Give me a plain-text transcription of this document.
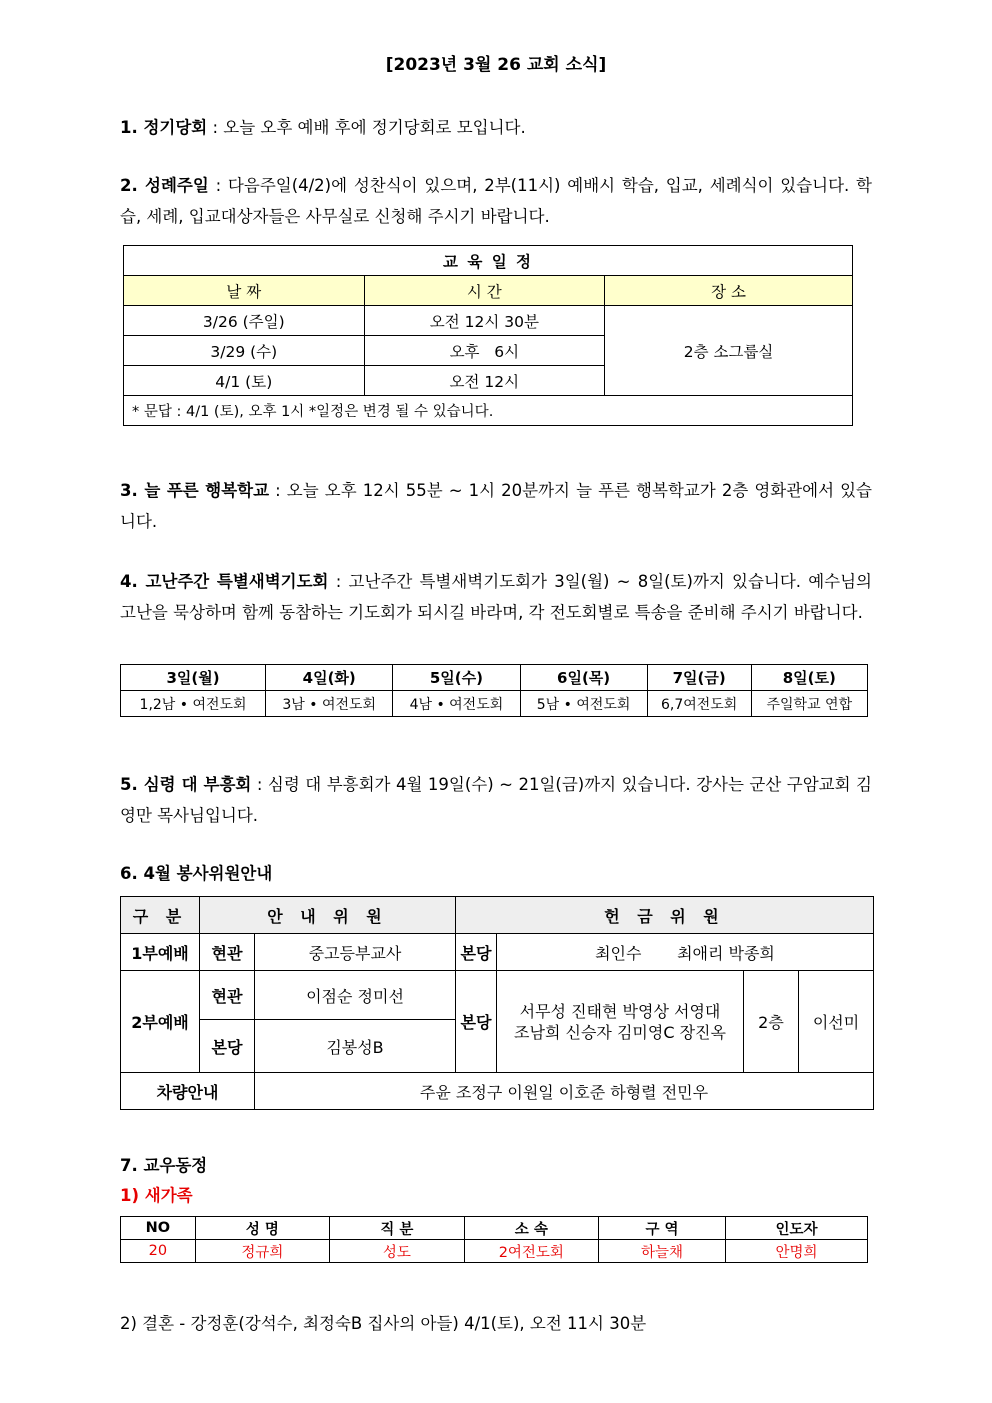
[2023년 3월 26 교회 소식]
1. 정기당회 : 오늘 오후 예배 후에 정기당회로 모입니다.
2. 성례주일 : 다음주일(4/2)에 성찬식이 있으며, 2부(11시) 예배시 학습, 입교, 세례식이 있습니다. 학습, 세례, 입교대상자들은 사무실로 신청해 주시기 바랍니다.
교 육 일 정		
날 짜	시 간	장 소
3/26 (주일)	오전 12시 30분	2층 소그룹실
3/29 (수)	오후   6시	
4/1 (토)	오전 12시	
* 문답 : 4/1 (토), 오후 1시 *일정은 변경 될 수 있습니다.		
3. 늘 푸른 행복학교 : 오늘 오후 12시 55분 ~ 1시 20분까지 늘 푸른 행복학교가 2층 영화관에서 있습니다.
4. 고난주간 특별새벽기도회 : 고난주간 특별새벽기도회가 3일(월) ~ 8일(토)까지 있습니다. 예수님의 고난을 묵상하며 함께 동참하는 기도회가 되시길 바라며, 각 전도회별로 특송을 준비해 주시기 바랍니다.
3일(월)	4일(화)	5일(수)	6일(목)	7일(금)	8일(토)
1,2남 • 여전도회	3남 • 여전도회	4남 • 여전도회	5남 • 여전도회	6,7여전도회	주일학교 연합
5. 심령 대 부흥회 : 심령 대 부흥회가 4월 19일(수) ~ 21일(금)까지 있습니다. 강사는 군산 구암교회 김영만 목사님입니다.
6. 4월 봉사위원안내
구 분	안 내 위 원		헌 금 위 원			
1부예배	현관	중고등부교사	본당	최인수       최애리 박종희		
2부예배	현관	이점순 정미선	본당	서무성 진태현 박영상 서영대
조남희 신승자 김미영C 장진옥	2층	이선미
	본당	김봉성B				
차량안내		주윤 조정구 이원일 이호준 하형렬 전민우				
7. 교우동정
1) 새가족
NO	성 명	직 분	소 속	구 역	인도자
20	정규희	성도	2여전도회	하늘채	안명희
2) 결혼 - 강정훈(강석수, 최정숙B 집사의 아들) 4/1(토), 오전 11시 30분
